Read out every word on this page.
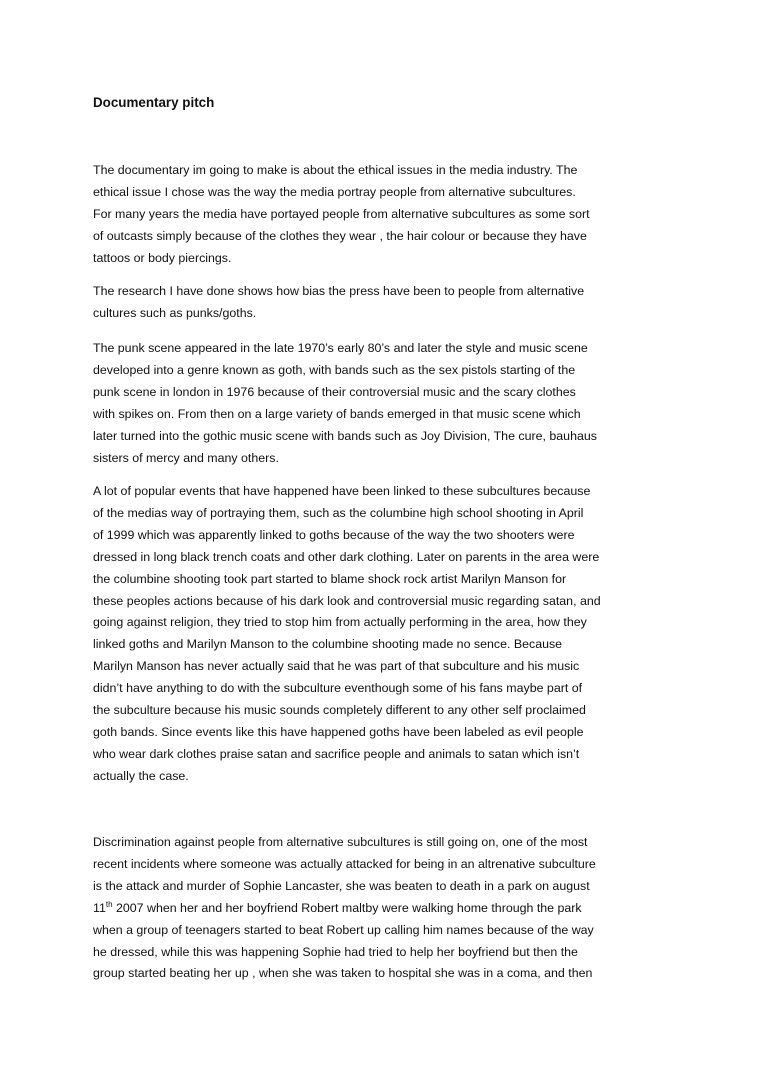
Documentary pitch

The documentary im going to make is about the ethical issues in the media industry. The
ethical issue I chose was the way the media portray people from alternative subcultures.
For many years the media have portayed people from alternative subcultures as some sort
of outcasts simply because of the clothes they wear , the hair colour or because they have
tattoos or body piercings.

The research I have done shows how bias the press have been to people from alternative
cultures such as punks/goths.

The punk scene appeared in the late 1970’s early 80’s and later the style and music scene
developed into a genre known as goth, with bands such as the sex pistols starting of the
punk scene in london in 1976 because of their controversial music and the scary clothes
with spikes on. From then on a large variety of bands emerged in that music scene which
later turned into the gothic music scene with bands such as Joy Division, The cure, bauhaus
sisters of mercy and many others.

A lot of popular events that have happened have been linked to these subcultures because
of the medias way of portraying them, such as the columbine high school shooting in April
of 1999 which was apparently linked to goths because of the way the two shooters were
dressed in long black trench coats and other dark clothing. Later on parents in the area were
the columbine shooting took part started to blame shock rock artist Marilyn Manson for
these peoples actions because of his dark look and controversial music regarding satan, and
going against religion, they tried to stop him from actually performing in the area, how they
linked goths and Marilyn Manson to the columbine shooting made no sence. Because
Marilyn Manson has never actually said that he was part of that subculture and his music
didn’t have anything to do with the subculture eventhough some of his fans maybe part of
the subculture because his music sounds completely different to any other self proclaimed
goth bands. Since events like this have happened goths have been labeled as evil people
who wear dark clothes praise satan and sacrifice people and animals to satan which isn’t
actually the case.

Discrimination against people from alternative subcultures is still going on, one of the most
recent incidents where someone was actually attacked for being in an altrenative subculture
is the attack and murder of Sophie Lancaster, she was beaten to death in a park on august
11th 2007 when her and her boyfriend Robert maltby were walking home through the park
when a group of teenagers started to beat Robert up calling him names because of the way
he dressed, while this was happening Sophie had tried to help her boyfriend but then the
group started beating her up , when she was taken to hospital she was in a coma, and then
